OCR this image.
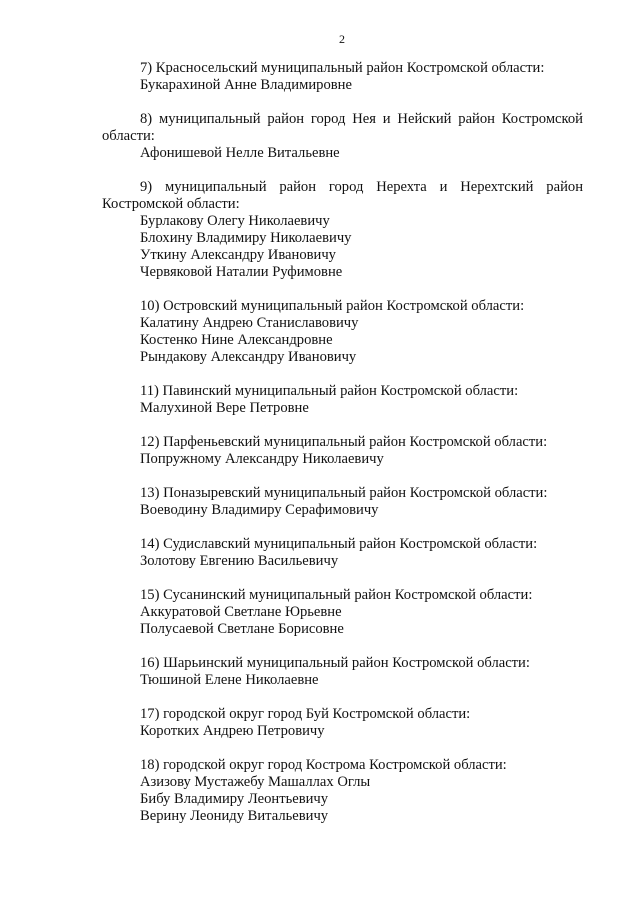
2
7) Красносельский муниципальный район Костромской области:
Букарахиной Анне Владимировне
8) муниципальный район город Нея и Нейский район Костромской
области:
Афонишевой Нелле Витальевне
9) муниципальный район город Нерехта и Нерехтский район
Костромской области:
Бурлакову Олегу Николаевичу
Блохину Владимиру Николаевичу
Уткину Александру Ивановичу
Червяковой Наталии Руфимовне
10) Островский муниципальный район Костромской области:
Калатину Андрею Станиславовичу
Костенко Нине Александровне
Рындакову Александру Ивановичу
11) Павинский муниципальный район Костромской области:
Малухиной Вере Петровне
12) Парфеньевский муниципальный район Костромской области:
Попружному Александру Николаевичу
13) Поназыревский муниципальный район Костромской области:
Воеводину Владимиру Серафимовичу
14) Судиславский муниципальный район Костромской области:
Золотову Евгению Васильевичу
15) Сусанинский муниципальный район Костромской области:
Аккуратовой Светлане Юрьевне
Полусаевой Светлане Борисовне
16) Шарьинский муниципальный район Костромской области:
Тюшиной Елене Николаевне
17) городской округ город Буй Костромской области:
Коротких Андрею Петровичу
18) городской округ город Кострома Костромской области:
Азизову Мустажебу Машаллах Оглы
Бибу Владимиру Леонтьевичу
Верину Леониду Витальевичу
